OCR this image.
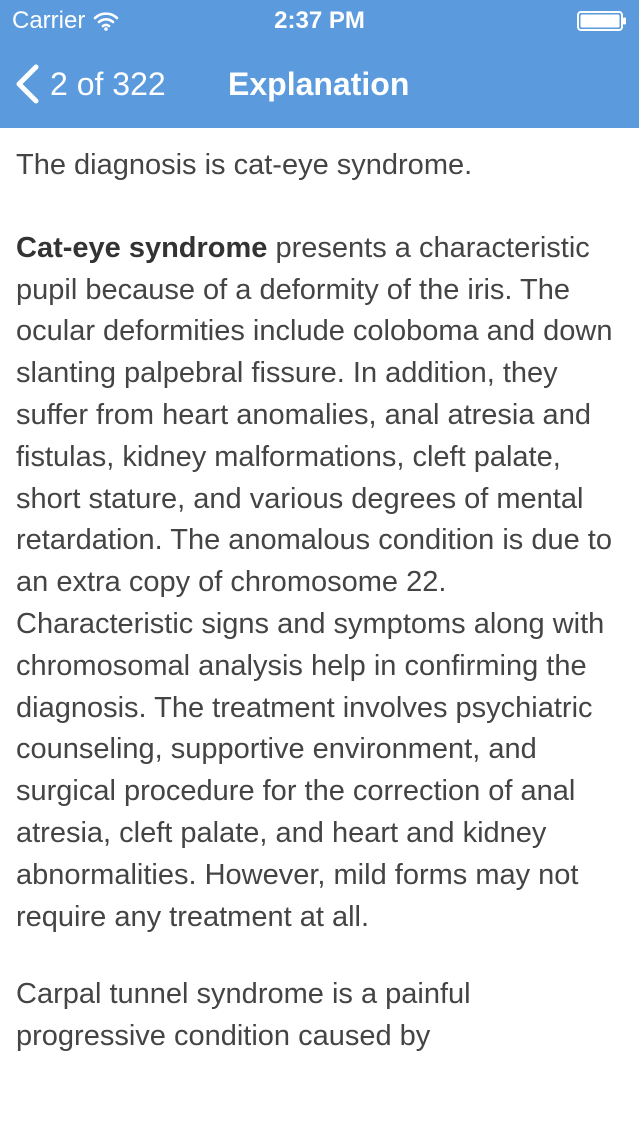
Carrier	2:37 PM
2 of 322 Explanation

The diagnosis is cat-eye syndrome.

Cat-eye syndrome presents a characteristic pupil because of a deformity of the iris. The ocular deformities include coloboma and down slanting palpebral fissure. In addition, they suffer from heart anomalies, anal atresia and fistulas, kidney malformations, cleft palate, short stature, and various degrees of mental retardation. The anomalous condition is due to an extra copy of chromosome 22. Characteristic signs and symptoms along with chromosomal analysis help in confirming the diagnosis. The treatment involves psychiatric counseling, supportive environment, and surgical procedure for the correction of anal atresia, cleft palate, and heart and kidney abnormalities. However, mild forms may not require any treatment at all.

Carpal tunnel syndrome is a painful progressive condition caused by
